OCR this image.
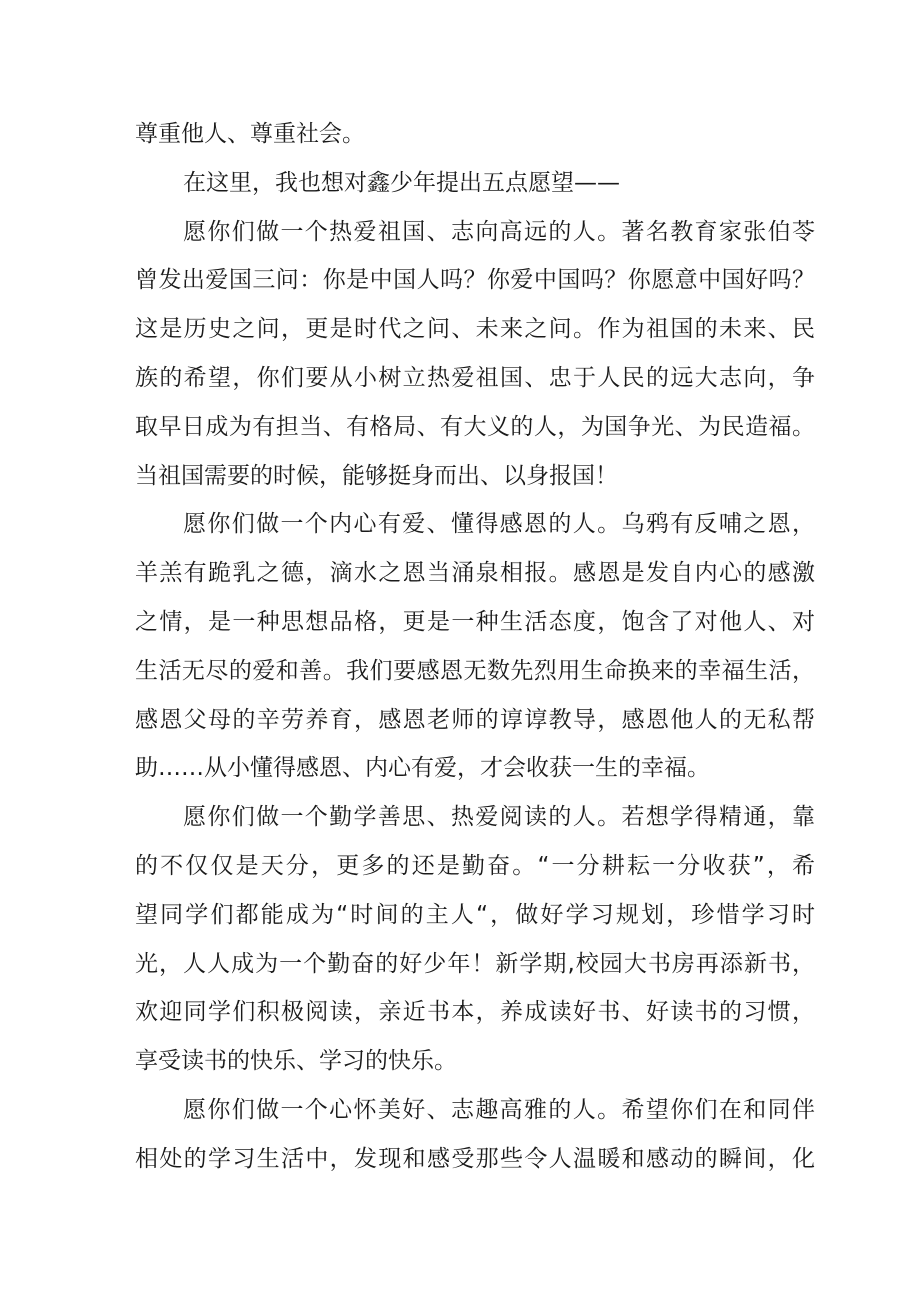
尊重他人、尊重社会。
在这里，我也想对鑫少年提出五点愿望——
愿你们做一个热爱祖国、志向高远的人。著名教育家张伯苓
曾发出爱国三问：你是中国人吗？你爱中国吗？你愿意中国好吗？
这是历史之问，更是时代之问、未来之问。作为祖国的未来、民
族的希望，你们要从小树立热爱祖国、忠于人民的远大志向，争
取早日成为有担当、有格局、有大义的人，为国争光、为民造福。
当祖国需要的时候，能够挺身而出、以身报国！
愿你们做一个内心有爱、懂得感恩的人。乌鸦有反哺之恩，
羊羔有跪乳之德，滴水之恩当涌泉相报。感恩是发自内心的感激
之情，是一种思想品格，更是一种生活态度，饱含了对他人、对
生活无尽的爱和善。我们要感恩无数先烈用生命换来的幸福生活，
感恩父母的辛劳养育，感恩老师的谆谆教导，感恩他人的无私帮
助……从小懂得感恩、内心有爱，才会收获一生的幸福。
愿你们做一个勤学善思、热爱阅读的人。若想学得精通，靠
的不仅仅是天分，更多的还是勤奋。“一分耕耘一分收获”，希
望同学们都能成为“时间的主人“，做好学习规划，珍惜学习时
光，人人成为一个勤奋的好少年！新学期,校园大书房再添新书，
欢迎同学们积极阅读，亲近书本，养成读好书、好读书的习惯，
享受读书的快乐、学习的快乐。
愿你们做一个心怀美好、志趣高雅的人。希望你们在和同伴
相处的学习生活中，发现和感受那些令人温暖和感动的瞬间，化
